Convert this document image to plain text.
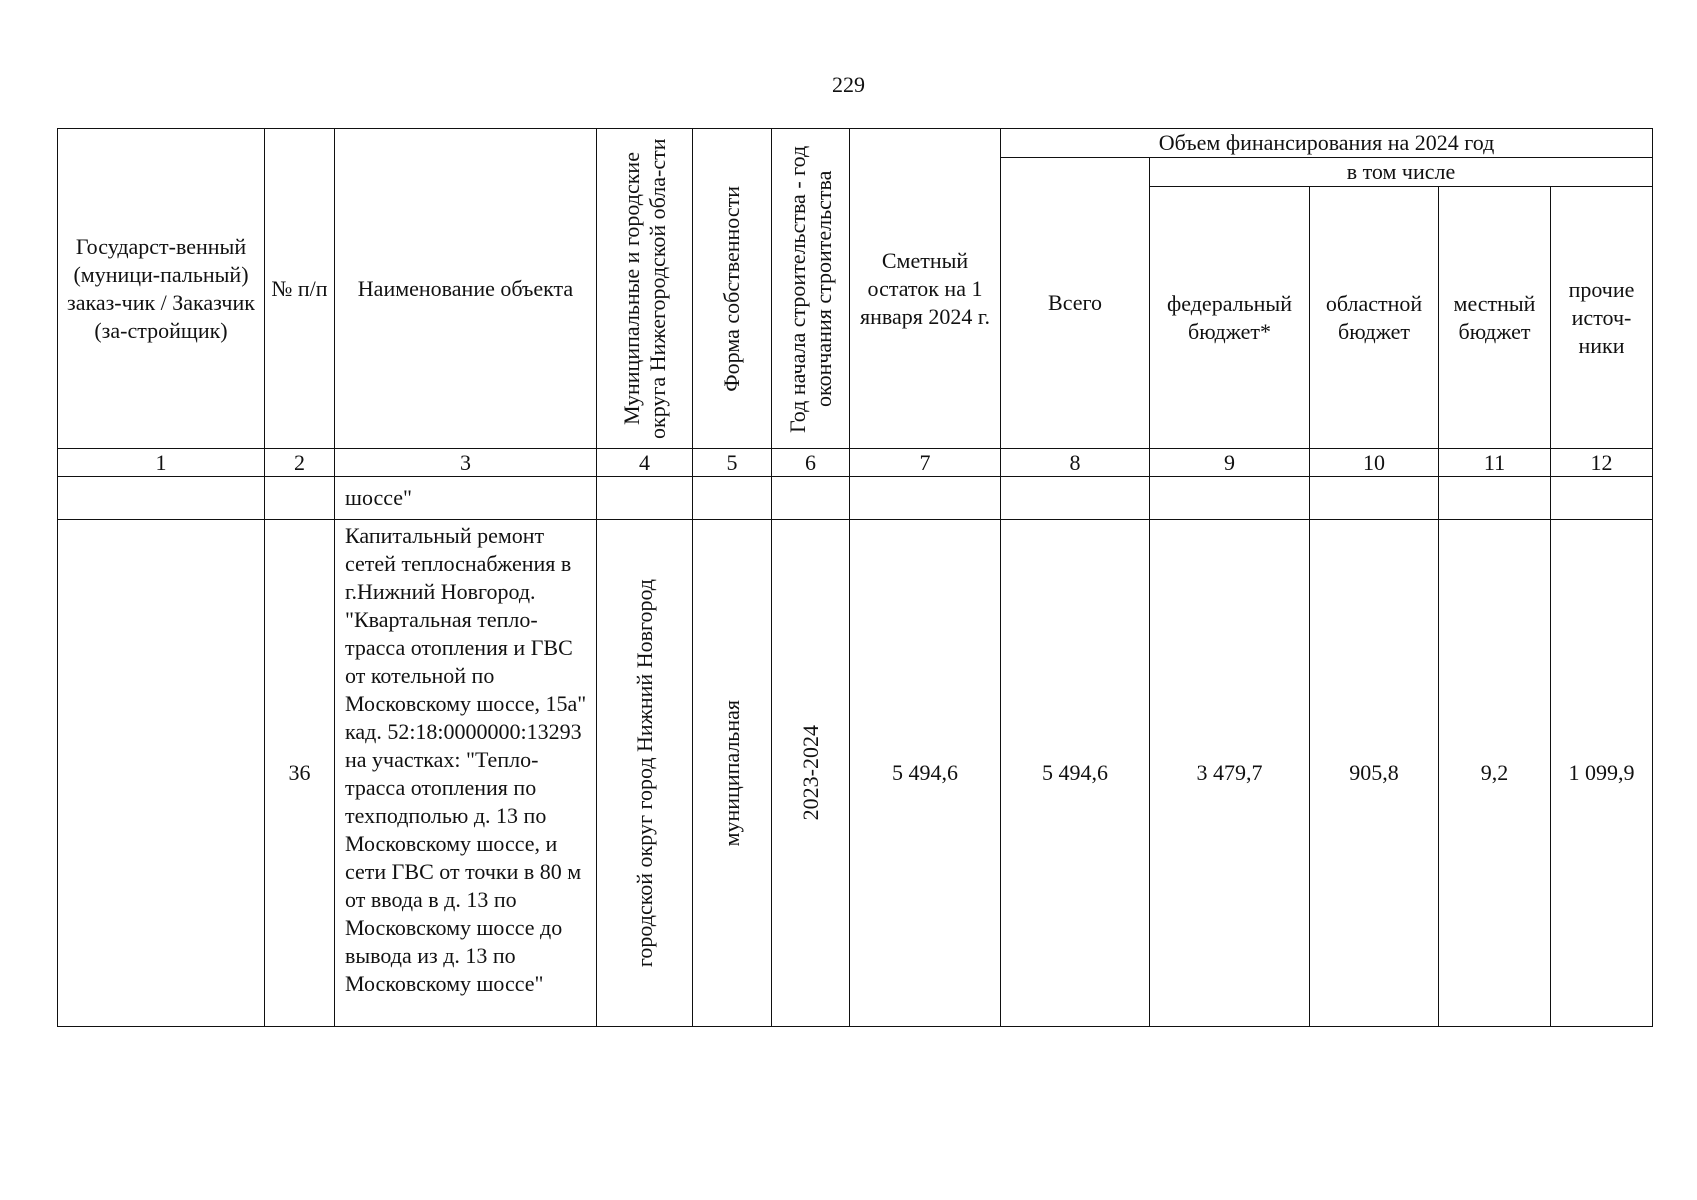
229
Государст-венный (муници-пальный) заказ-чик / Заказчик (за-стройщик)	№ п/п	Наименование объекта	Муниципальные и городские округа Нижегородской обла-сти	Форма собственности	Год начала строительства - год окончания строительства	Сметный остаток на 1 января 2024 г.	Объем финансирования на 2024 год				
							Всего	в том числе			
								федеральный бюджет*	областной бюджет	местный бюджет	прочие источ-ники
1	2	3	4	5	6	7	8	9	10	11	12
		шоссе"									
	36	Капитальный ремонт сетей теплоснабжения в г.Нижний Новгород. "Квартальная тепло-трасса отопления и ГВС от котельной по Московскому шоссе, 15а" кад. 52:18:0000000:13293 на участках: "Тепло-трасса отопления по техподполью д. 13 по Московскому шоссе, и сети ГВС от точки в 80 м от ввода в д. 13 по Московскому шоссе до вывода из д. 13 по Московскому шоссе"	городской округ город Нижний Новгород	муниципальная	2023-2024	5 494,6	5 494,6	3 479,7	905,8	9,2	1 099,9
